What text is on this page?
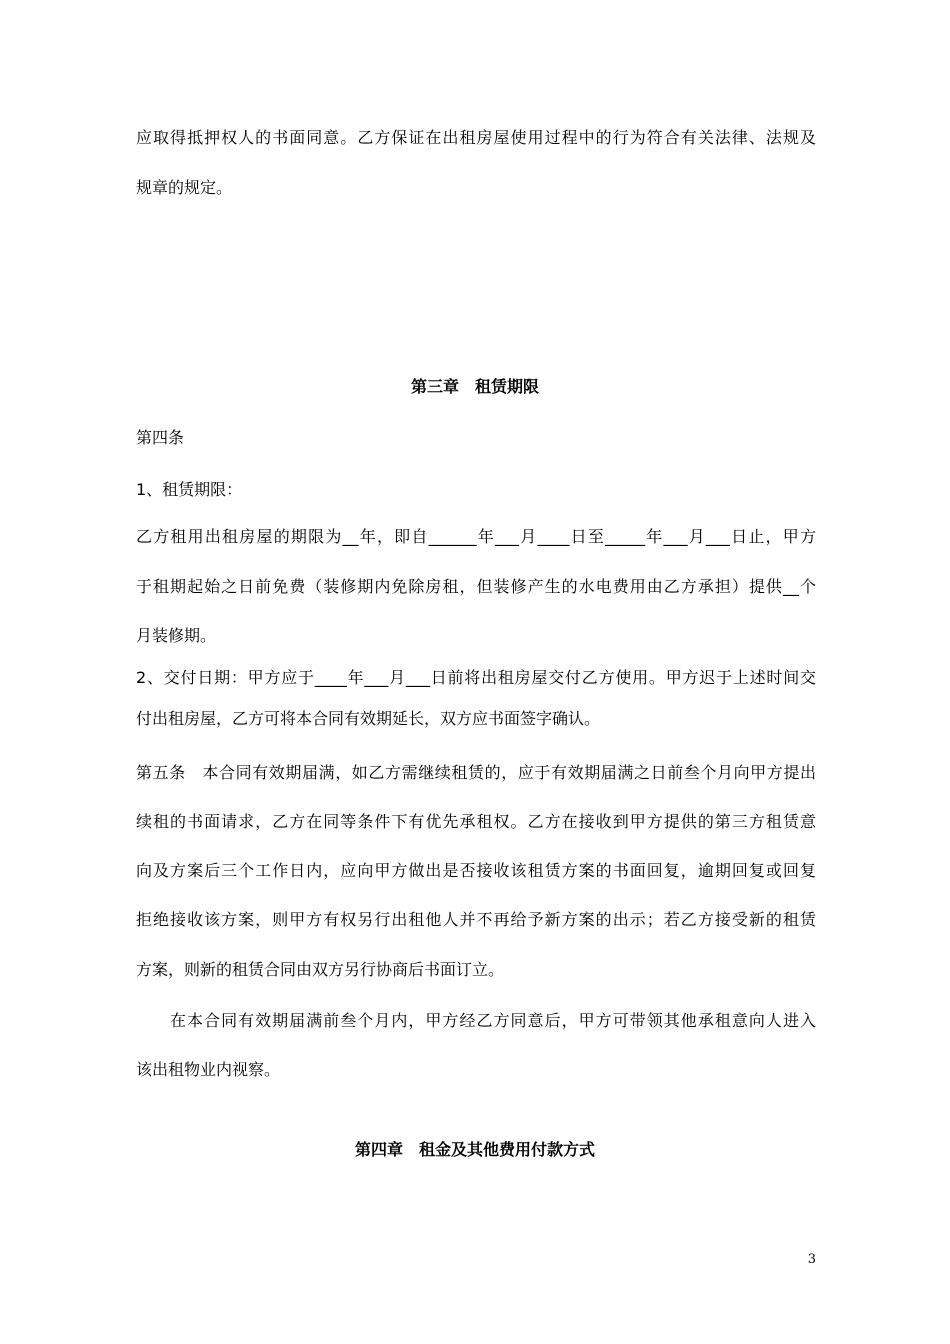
应取得抵押权人的书面同意。乙方保证在出租房屋使用过程中的行为符合有关法律、法规及
规章的规定。
第三章　租赁期限
第四条
1、租赁期限：
乙方租用出租房屋的期限为__年，即自______年___月____日至_____年___月___日止，甲方
于租期起始之日前免费（装修期内免除房租，但装修产生的水电费用由乙方承担）提供__个
月装修期。
2、交付日期：甲方应于____年___月___日前将出租房屋交付乙方使用。甲方迟于上述时间交
付出租房屋，乙方可将本合同有效期延长，双方应书面签字确认。
第五条　本合同有效期届满，如乙方需继续租赁的，应于有效期届满之日前叁个月向甲方提出
续租的书面请求，乙方在同等条件下有优先承租权。乙方在接收到甲方提供的第三方租赁意
向及方案后三个工作日内，应向甲方做出是否接收该租赁方案的书面回复，逾期回复或回复
拒绝接收该方案，则甲方有权另行出租他人并不再给予新方案的出示；若乙方接受新的租赁
方案，则新的租赁合同由双方另行协商后书面订立。
在本合同有效期届满前叁个月内，甲方经乙方同意后，甲方可带领其他承租意向人进入
该出租物业内视察。
第四章　租金及其他费用付款方式
3
